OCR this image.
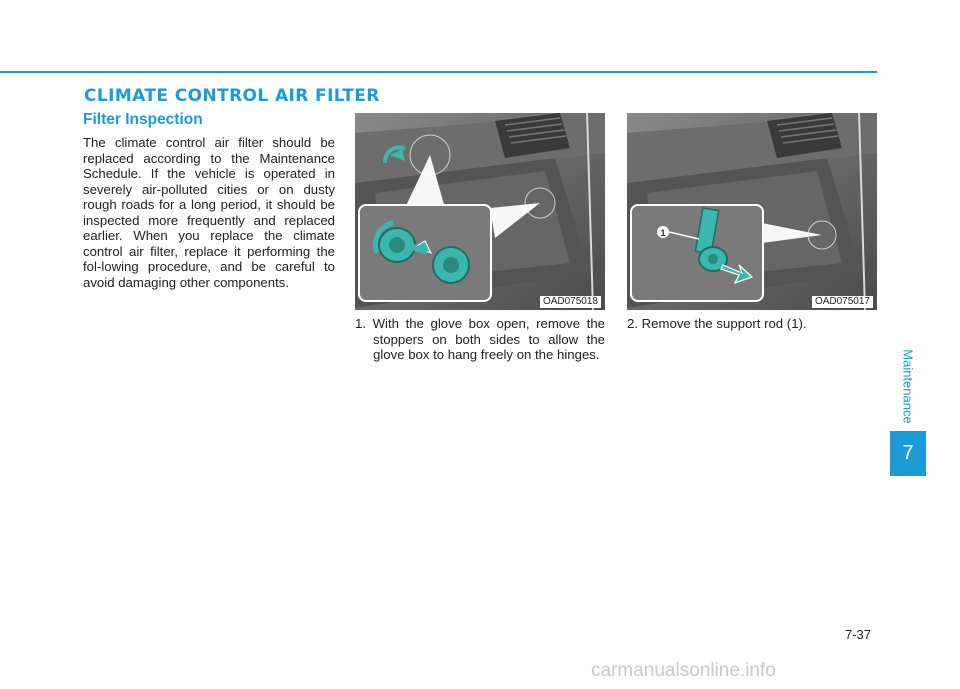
CLIMATE CONTROL AIR FILTER
Filter Inspection

The climate control air filter should be replaced according to the Maintenance Schedule. If the vehicle is operated in severely air-polluted cities or on dusty rough roads for a long period, it should be inspected more frequently and replaced earlier. When you replace the climate control air filter, replace it performing the fol-lowing procedure, and be careful to avoid damaging other components.

OAD075018
1
OAD075017

1. With the glove box open, remove the stoppers on both sides to allow the glove box to hang freely on the hinges.

2. Remove the support rod (1).

Maintenance
7
7-37
carmanualsonline.info
